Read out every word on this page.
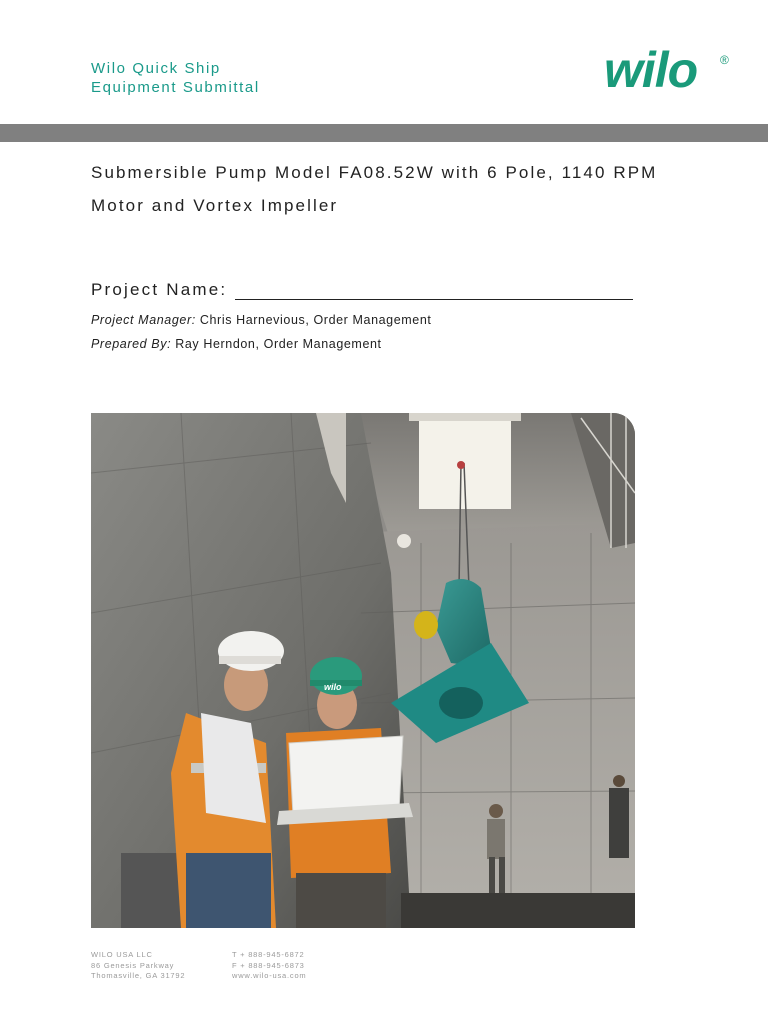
Wilo Quick Ship
Equipment Submittal	wilo ®
Submersible Pump Model FA08.52W with 6 Pole, 1140 RPM
Motor and Vortex Impeller
Project Name:
Project Manager: Chris Harnevious, Order Management
Prepared By: Ray Herndon, Order Management
wilo
WILO USA LLC
86 Genesis Parkway
Thomasville, GA 31792
T + 888-945-6872
F + 888-945-6873
www.wilo-usa.com
